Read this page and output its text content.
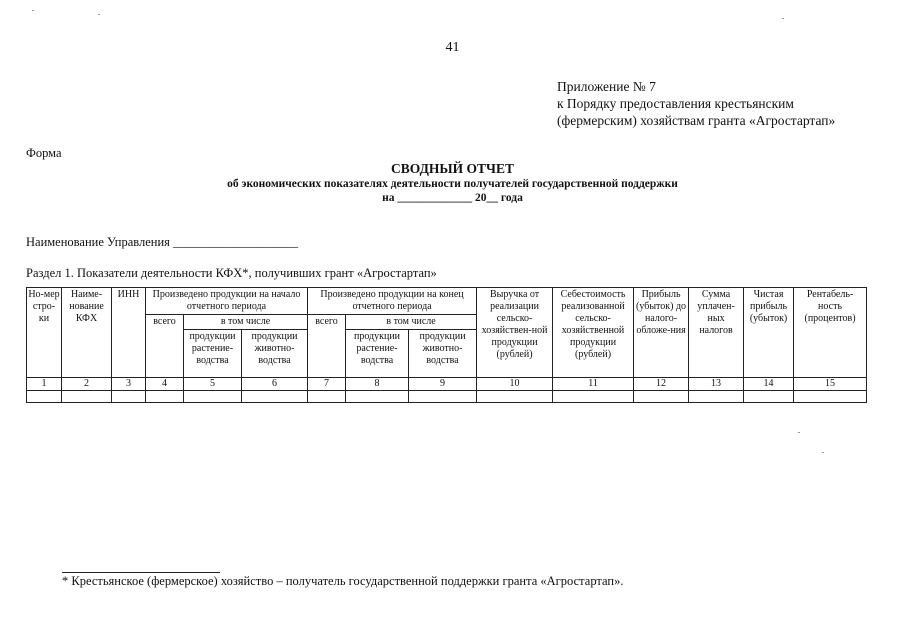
41
Приложение № 7
к Порядку предоставления крестьянским
(фермерским) хозяйствам гранта «Агростартап»
Форма
СВОДНЫЙ ОТЧЕТ
об экономических показателях деятельности получателей государственной поддержки
на _____________ 20__ года
Наименование Управления ____________________
Раздел 1. Показатели деятельности КФХ*, получивших грант «Агростартап»
Но-мер стро-ки	Наиме-нование КФХ	ИНН	Произведено продукции на начало отчетного периода			Произведено продукции на конец отчетного периода			Выручка от реализации сельско-хозяйствен-ной продукции (рублей)	Себестоимость реализованной сельско-хозяйственной продукции (рублей)	Прибыль (убыток) до налого-обложе-ния	Сумма уплачен-ных налогов	Чистая прибыль (убыток)	Рентабель-ность (процентов)
			всего	в том числе		всего	в том числе							
				продукции растение-водства	продукции животно-водства		продукции растение-водства	продукции животно-водства						
1	2	3	4	5	6	7	8	9	10	11	12	13	14	15

* Крестьянское (фермерское) хозяйство – получатель государственной поддержки гранта «Агростартап».
